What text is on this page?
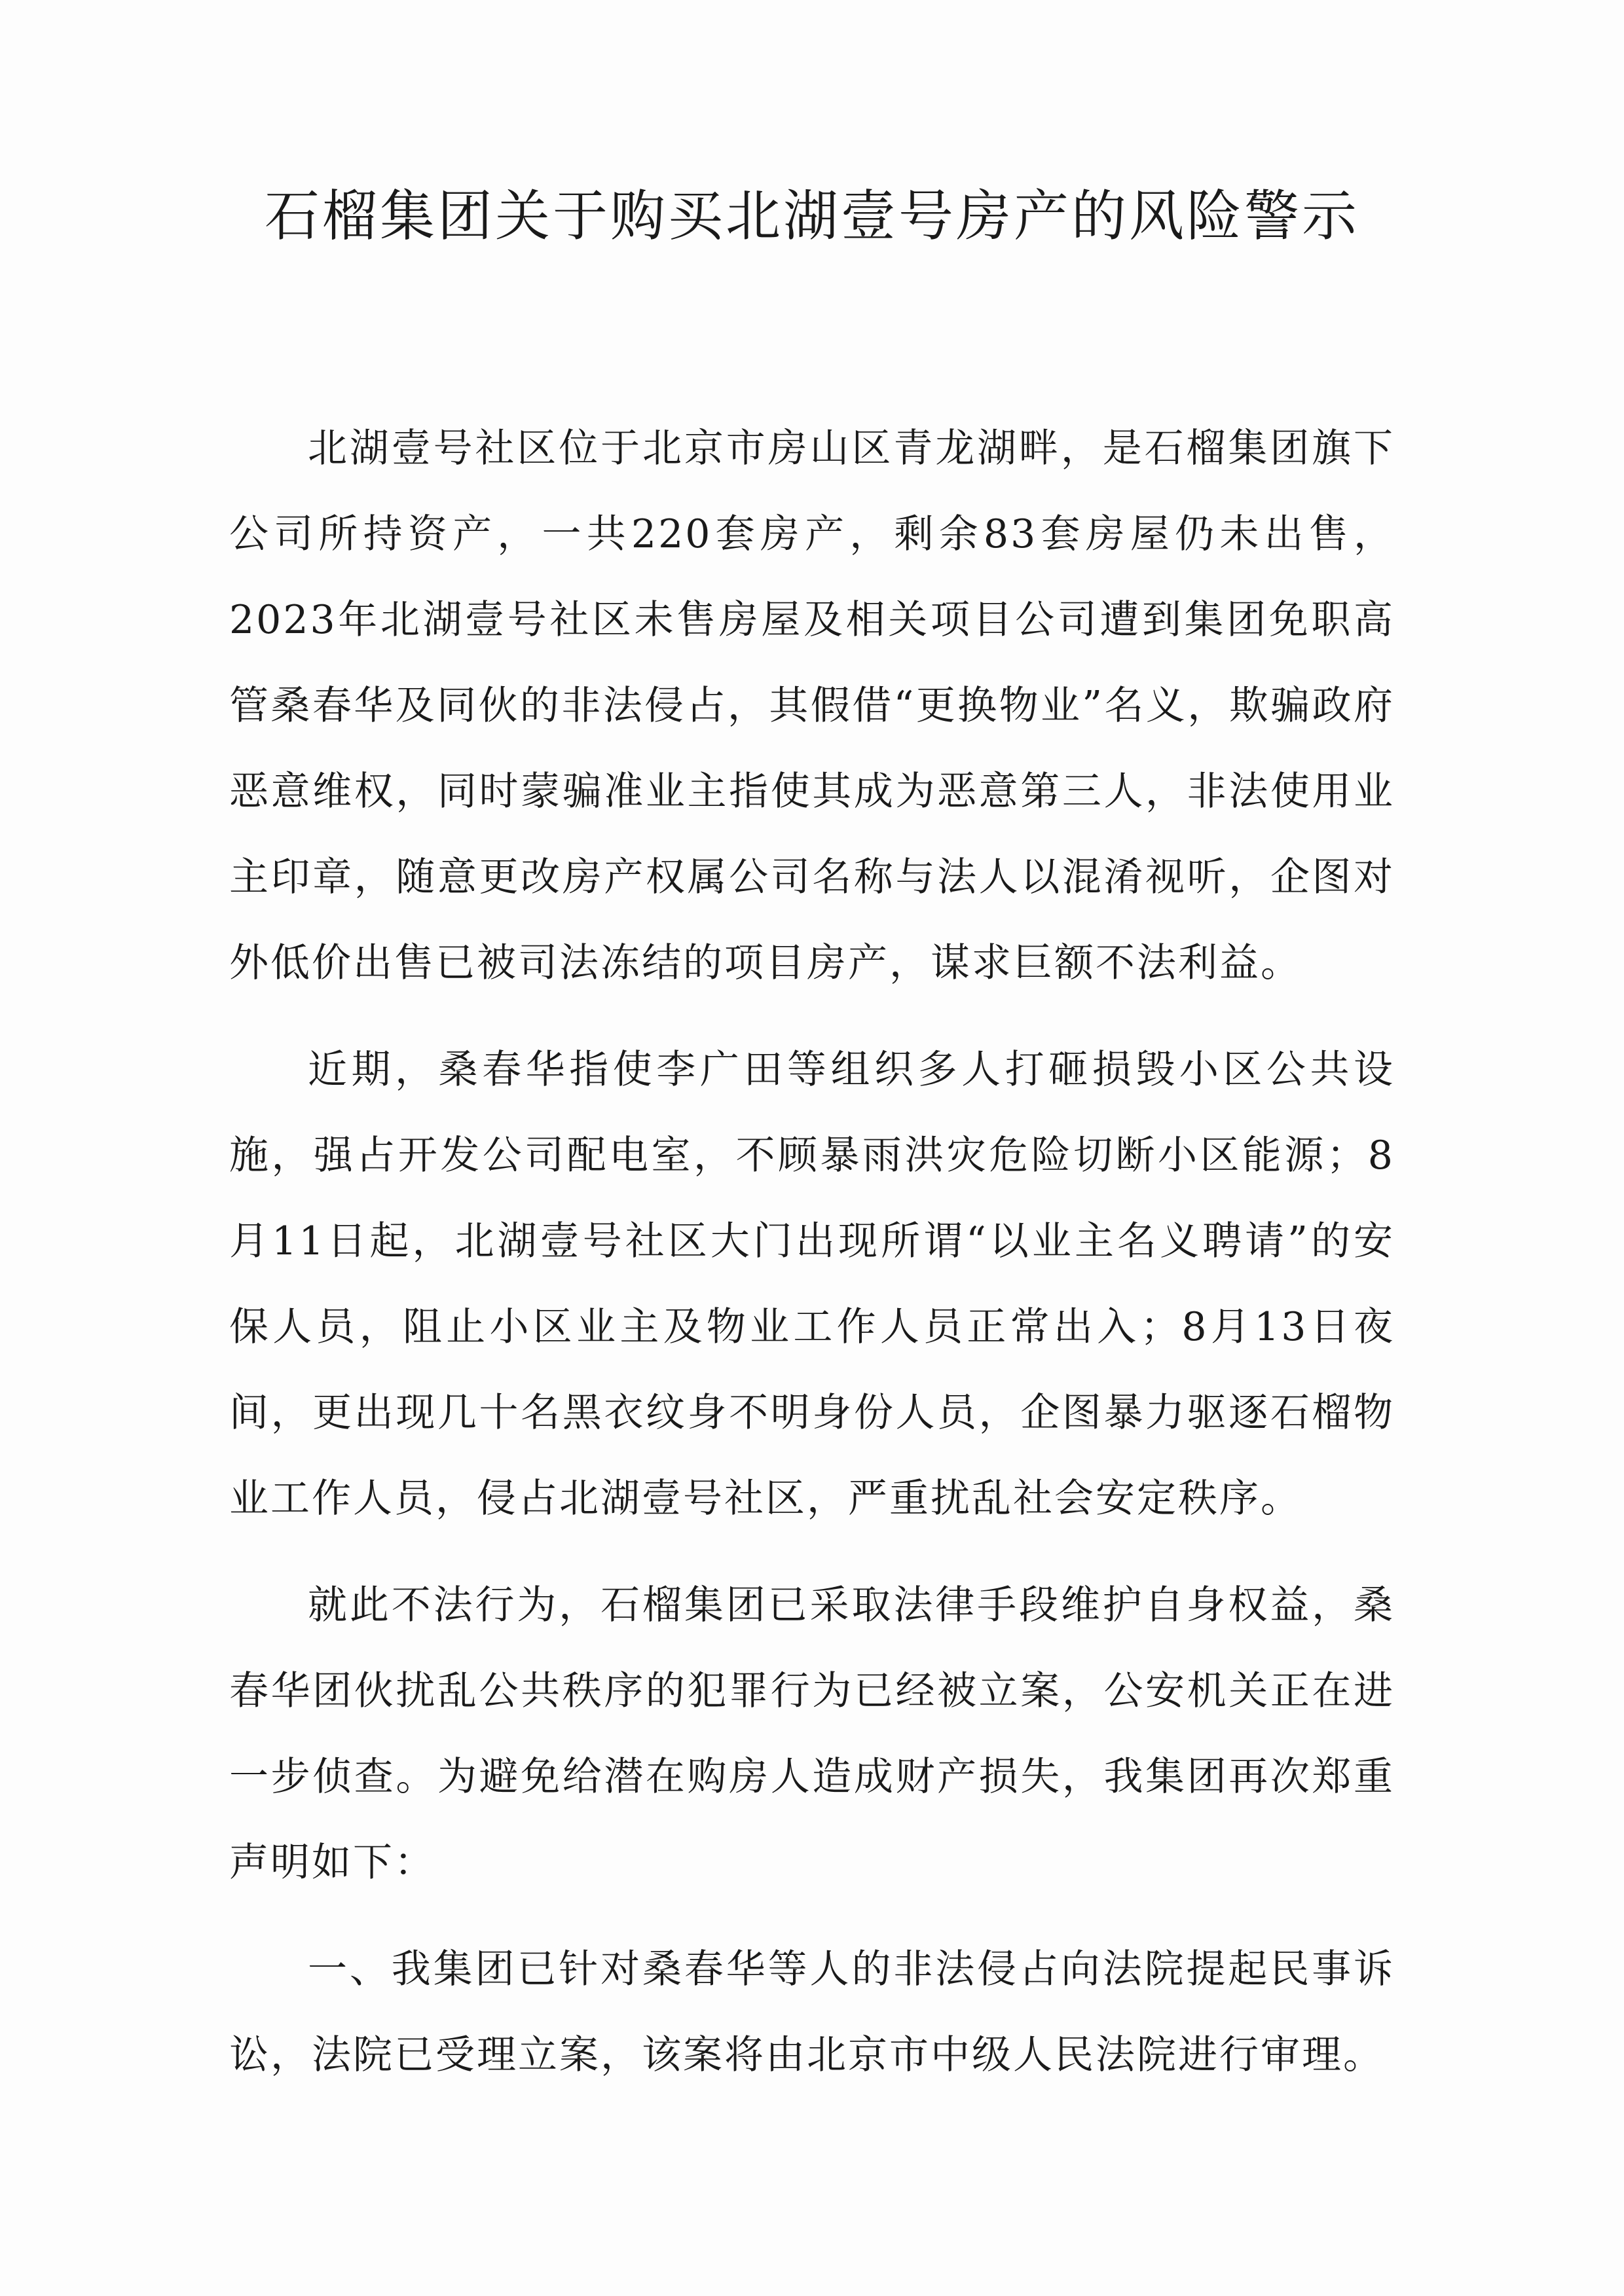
石榴集团关于购买北湖壹号房产的风险警示

北湖壹号社区位于北京市房山区青龙湖畔，是石榴集团旗下公司所持资产，一共220套房产，剩余83套房屋仍未出售，2023年北湖壹号社区未售房屋及相关项目公司遭到集团免职高管桑春华及同伙的非法侵占，其假借“更换物业”名义，欺骗政府恶意维权，同时蒙骗准业主指使其成为恶意第三人，非法使用业主印章，随意更改房产权属公司名称与法人以混淆视听，企图对外低价出售已被司法冻结的项目房产，谋求巨额不法利益。

近期，桑春华指使李广田等组织多人打砸损毁小区公共设施，强占开发公司配电室，不顾暴雨洪灾危险切断小区能源；8月11日起，北湖壹号社区大门出现所谓“以业主名义聘请”的安保人员，阻止小区业主及物业工作人员正常出入；8月13日夜间，更出现几十名黑衣纹身不明身份人员，企图暴力驱逐石榴物业工作人员，侵占北湖壹号社区，严重扰乱社会安定秩序。

就此不法行为，石榴集团已采取法律手段维护自身权益，桑春华团伙扰乱公共秩序的犯罪行为已经被立案，公安机关正在进一步侦查。为避免给潜在购房人造成财产损失，我集团再次郑重声明如下：

一、我集团已针对桑春华等人的非法侵占向法院提起民事诉讼，法院已受理立案，该案将由北京市中级人民法院进行审理。
